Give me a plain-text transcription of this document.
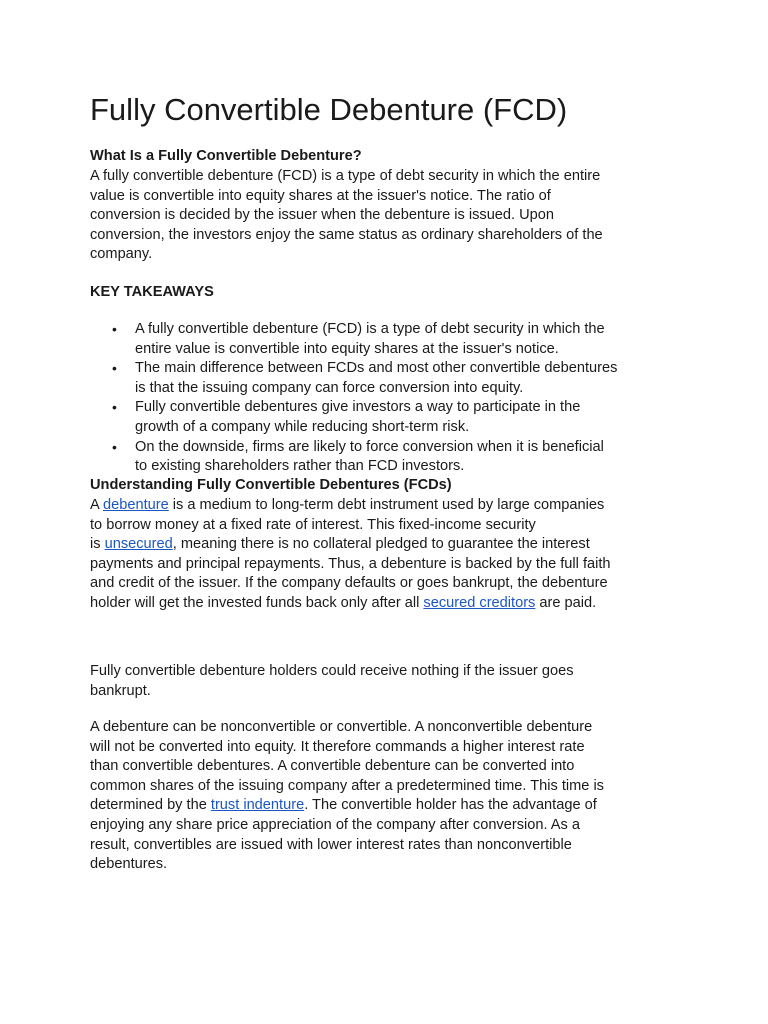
Fully Convertible Debenture (FCD)
What Is a Fully Convertible Debenture?
A fully convertible debenture (FCD) is a type of debt security in which the entire
value is convertible into equity shares at the issuer's notice. The ratio of
conversion is decided by the issuer when the debenture is issued. Upon
conversion, the investors enjoy the same status as ordinary shareholders of the
company.
KEY TAKEAWAYS
• A fully convertible debenture (FCD) is a type of debt security in which the
entire value is convertible into equity shares at the issuer's notice.
• The main difference between FCDs and most other convertible debentures
is that the issuing company can force conversion into equity.
• Fully convertible debentures give investors a way to participate in the
growth of a company while reducing short-term risk.
• On the downside, firms are likely to force conversion when it is beneficial
to existing shareholders rather than FCD investors.
Understanding Fully Convertible Debentures (FCDs)
A debenture is a medium to long-term debt instrument used by large companies
to borrow money at a fixed rate of interest. This fixed-income security
is unsecured, meaning there is no collateral pledged to guarantee the interest
payments and principal repayments. Thus, a debenture is backed by the full faith
and credit of the issuer. If the company defaults or goes bankrupt, the debenture
holder will get the invested funds back only after all secured creditors are paid.
Fully convertible debenture holders could receive nothing if the issuer goes
bankrupt.
A debenture can be nonconvertible or convertible. A nonconvertible debenture
will not be converted into equity. It therefore commands a higher interest rate
than convertible debentures. A convertible debenture can be converted into
common shares of the issuing company after a predetermined time. This time is
determined by the trust indenture. The convertible holder has the advantage of
enjoying any share price appreciation of the company after conversion. As a
result, convertibles are issued with lower interest rates than nonconvertible
debentures.
